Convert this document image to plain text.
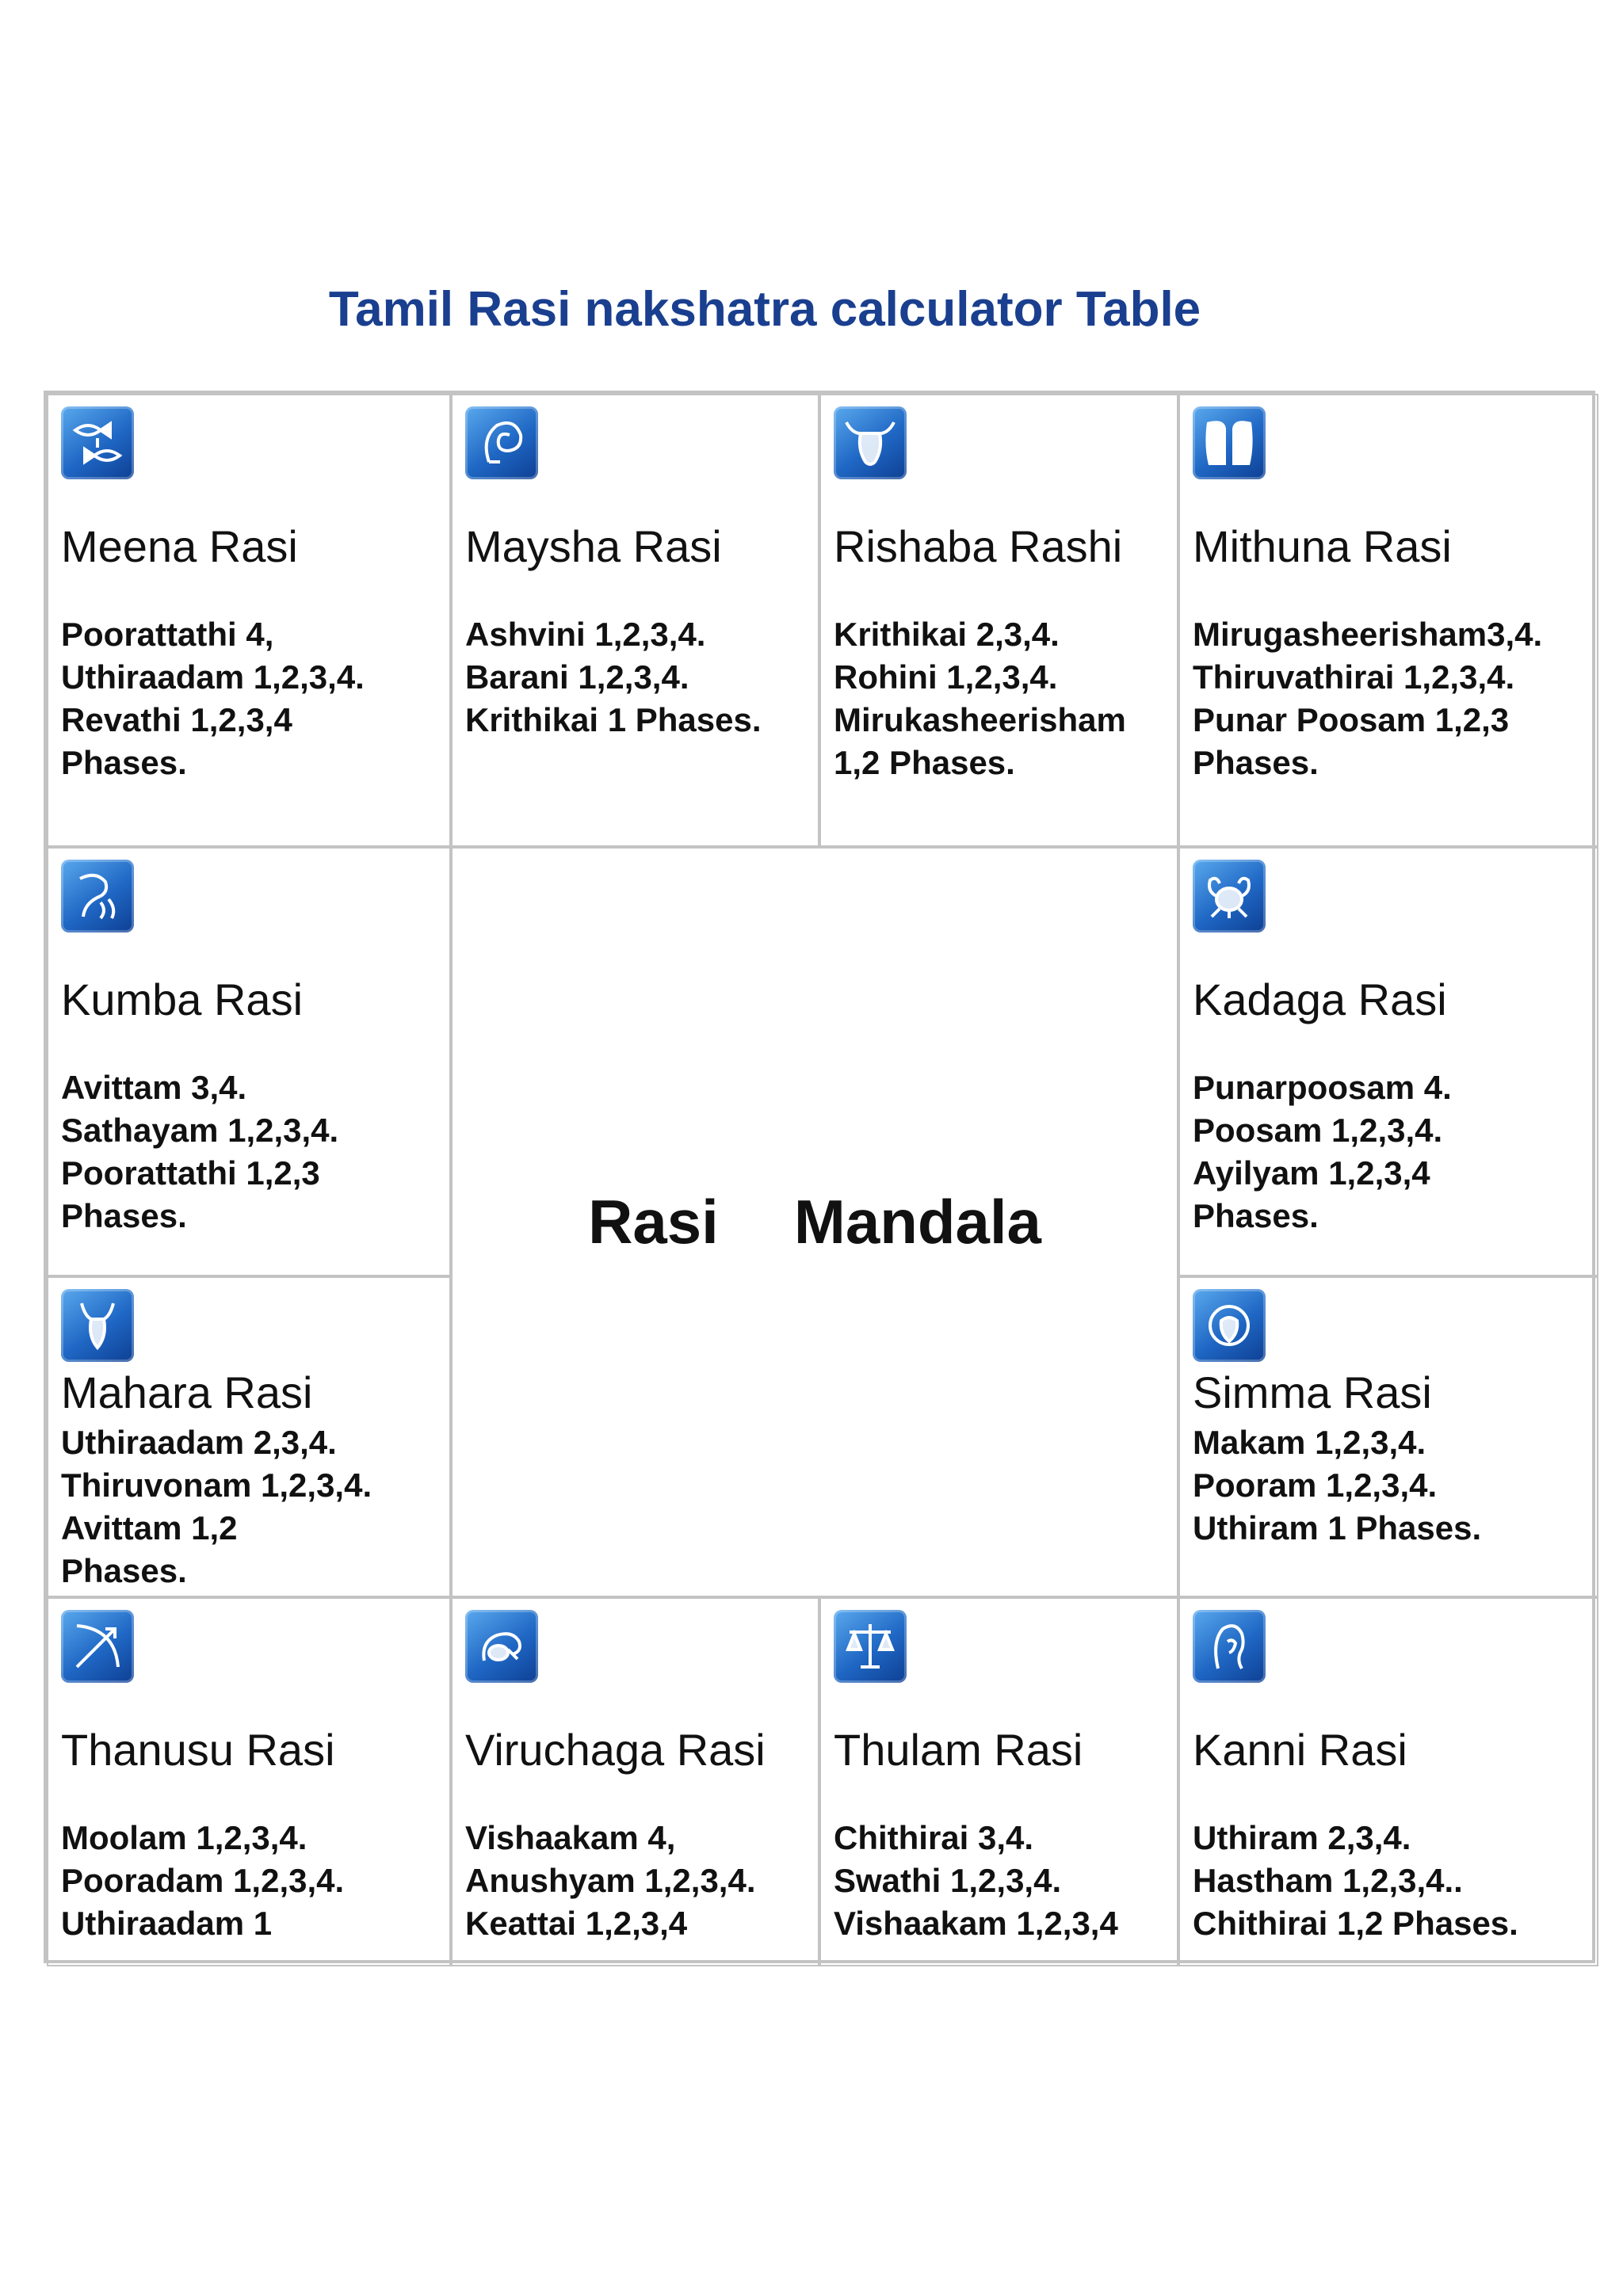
Tamil Rasi nakshatra calculator Table
Meena Rasi
Poorattathi 4,
Uthiraadam 1,2,3,4.
Revathi 1,2,3,4
Phases.
Maysha Rasi
Ashvini 1,2,3,4.
Barani 1,2,3,4.
Krithikai 1 Phases.
Rishaba Rashi
Krithikai 2,3,4.
Rohini 1,2,3,4.
Mirukasheerisham
1,2 Phases.
Mithuna Rasi
Mirugasheerisham3,4.
Thiruvathirai 1,2,3,4.
Punar Poosam 1,2,3
Phases.
Kumba Rasi
Avittam 3,4.
Sathayam 1,2,3,4.
Poorattathi 1,2,3
Phases.	Rasi Mandala
Kadaga Rasi
Punarpoosam 4.
Poosam 1,2,3,4.
Ayilyam 1,2,3,4
Phases.
Mahara Rasi
Uthiraadam 2,3,4.
Thiruvonam 1,2,3,4.
Avittam 1,2
Phases.
Simma Rasi
Makam 1,2,3,4.
Pooram 1,2,3,4.
Uthiram 1 Phases.
Thanusu Rasi
Moolam 1,2,3,4.
Pooradam 1,2,3,4.
Uthiraadam 1
Viruchaga Rasi
Vishaakam 4,
Anushyam 1,2,3,4.
Keattai 1,2,3,4
Thulam Rasi
Chithirai 3,4.
Swathi 1,2,3,4.
Vishaakam 1,2,3,4
Kanni Rasi
Uthiram 2,3,4.
Hastham 1,2,3,4..
Chithirai 1,2 Phases.
